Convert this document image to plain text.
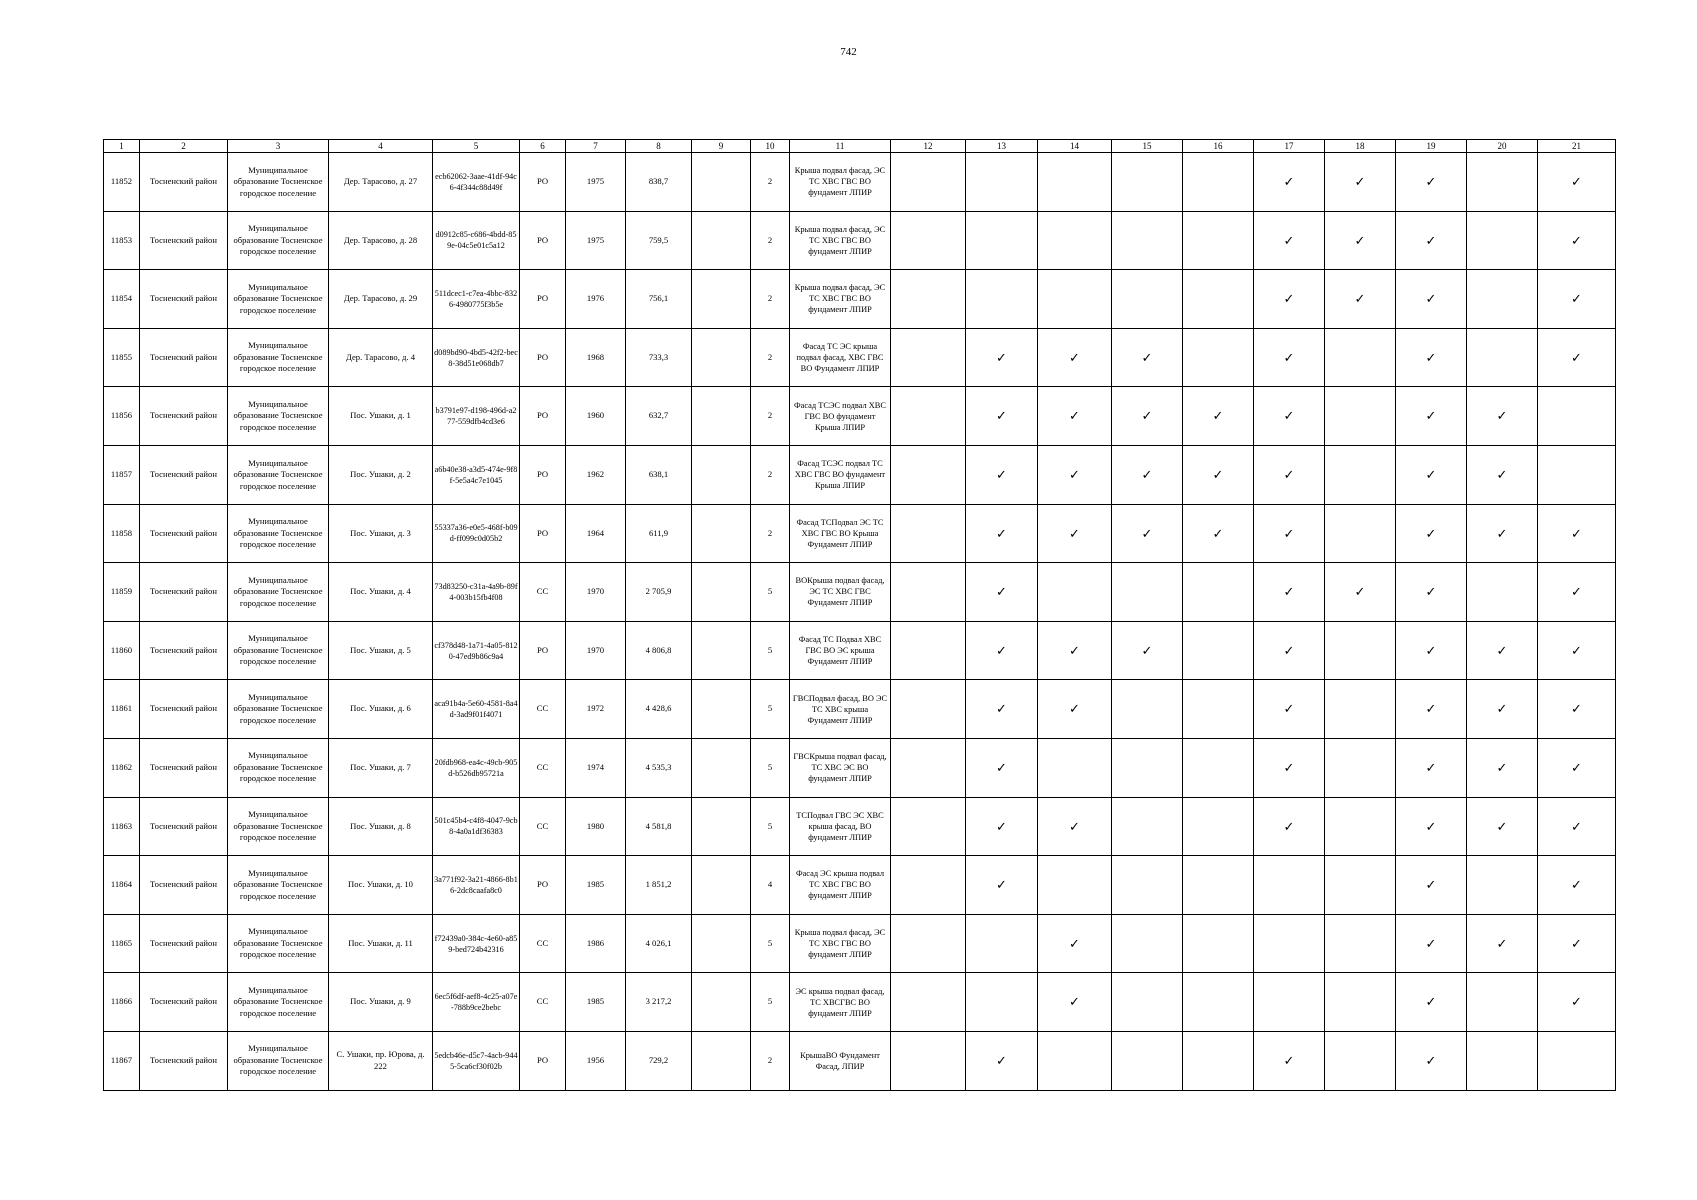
742
1	2	3	4	5	6	7	8	9	10	11	12	13	14	15	16	17	18	19	20	21
11852	Тосненский район	Муниципальное образование Тосненское городское поселение	Дер. Тарасово, д. 27	ecb62062-3aae-41df-94c6-4f344c88d49f	РО	1975	838,7		2	Крыша подвал фасад, ЭС ТС ХВС ГВС ВО фундамент ЛПИР						✓	✓	✓		✓
11853	Тосненский район	Муниципальное образование Тосненское городское поселение	Дер. Тарасово, д. 28	d0912c85-c686-4bdd-859e-04c5e01c5a12	РО	1975	759,5		2	Крыша подвал фасад, ЭС ТС ХВС ГВС ВО фундамент ЛПИР						✓	✓	✓		✓
11854	Тосненский район	Муниципальное образование Тосненское городское поселение	Дер. Тарасово, д. 29	511dcec1-c7ea-4bbc-8326-4980775f3b5e	РО	1976	756,1		2	Крыша подвал фасад, ЭС ТС ХВС ГВС ВО фундамент ЛПИР						✓	✓	✓		✓
11855	Тосненский район	Муниципальное образование Тосненское городское поселение	Дер. Тарасово, д. 4	d089bd90-4bd5-42f2-bec8-38d51e068db7	РО	1968	733,3		2	Фасад ТС ЭС крыша подвал фасад, ХВС ГВС ВО Фундамент ЛПИР		✓	✓	✓		✓		✓		✓
11856	Тосненский район	Муниципальное образование Тосненское городское поселение	Пос. Ушаки, д. 1	b3791e97-d198-496d-a277-559dfb4cd3e6	РО	1960	632,7		2	Фасад ТСЭС подвал ХВС ГВС ВО фундамент Крыша ЛПИР		✓	✓	✓	✓	✓		✓	✓	
11857	Тосненский район	Муниципальное образование Тосненское городское поселение	Пос. Ушаки, д. 2	a6b40e38-a3d5-474e-9f8f-5e5a4c7e1045	РО	1962	638,1		2	Фасад ТСЭС подвал ТС ХВС ГВС ВО фундамент Крыша ЛПИР		✓	✓	✓	✓	✓		✓	✓	
11858	Тосненский район	Муниципальное образование Тосненское городское поселение	Пос. Ушаки, д. 3	55337a36-e0e5-468f-b09d-ff099c0d05b2	РО	1964	611,9		2	Фасад ТСПодвал ЭС ТС ХВС ГВС ВО Крыша Фундамент ЛПИР		✓	✓	✓	✓	✓		✓	✓	✓
11859	Тосненский район	Муниципальное образование Тосненское городское поселение	Пос. Ушаки, д. 4	73d83250-c31a-4a9b-89f4-003b15fb4f08	СС	1970	2 705,9		5	ВОКрыша подвал фасад, ЭС ТС ХВС ГВС Фундамент ЛПИР		✓				✓	✓	✓		✓
11860	Тосненский район	Муниципальное образование Тосненское городское поселение	Пос. Ушаки, д. 5	cf378d48-1a71-4a05-8120-47ed9b86c9a4	РО	1970	4 806,8		5	Фасад ТС Подвал ХВС ГВС ВО ЭС крыша Фундамент ЛПИР		✓	✓	✓		✓		✓	✓	✓
11861	Тосненский район	Муниципальное образование Тосненское городское поселение	Пос. Ушаки, д. 6	aca91b4a-5e60-4581-8a4d-3ad9f01f4071	СС	1972	4 428,6		5	ГВСПодвал фасад, ВО ЭС ТС ХВС крыша Фундамент ЛПИР		✓	✓			✓		✓	✓	✓
11862	Тосненский район	Муниципальное образование Тосненское городское поселение	Пос. Ушаки, д. 7	20fdb968-ea4c-49cb-905d-b526db95721a	СС	1974	4 535,3		5	ГВСКрыша подвал фасад, ТС ХВС ЭС ВО фундамент ЛПИР		✓				✓		✓	✓	✓
11863	Тосненский район	Муниципальное образование Тосненское городское поселение	Пос. Ушаки, д. 8	501c45b4-c4f8-4047-9cb8-4a0a1df36383	СС	1980	4 581,8		5	ТСПодвал ГВС ЭС ХВС крыша фасад, ВО фундамент ЛПИР		✓	✓			✓		✓	✓	✓
11864	Тосненский район	Муниципальное образование Тосненское городское поселение	Пос. Ушаки, д. 10	3a771f92-3a21-4866-8b16-2dc8caafa8c0	РО	1985	1 851,2		4	Фасад ЭС крыша подвал ТС ХВС ГВС ВО фундамент ЛПИР		✓						✓		✓
11865	Тосненский район	Муниципальное образование Тосненское городское поселение	Пос. Ушаки, д. 11	f72439a0-384c-4e60-a859-bed724b42316	СС	1986	4 026,1		5	Крыша подвал фасад, ЭС ТС ХВС ГВС ВО фундамент ЛПИР			✓					✓	✓	✓
11866	Тосненский район	Муниципальное образование Тосненское городское поселение	Пос. Ушаки, д. 9	6ec5f6df-aef8-4c25-a07e-788b9ce2bebc	СС	1985	3 217,2		5	ЭС крыша подвал фасад, ТС ХВСГВС ВО фундамент ЛПИР			✓					✓		✓
11867	Тосненский район	Муниципальное образование Тосненское городское поселение	С. Ушаки, пр. Юрова, д. 222	5edcb46e-d5c7-4acb-9445-5ca6cf30f02b	РО	1956	729,2		2	КрышаВО Фундамент Фасад, ЛПИР		✓				✓		✓		
